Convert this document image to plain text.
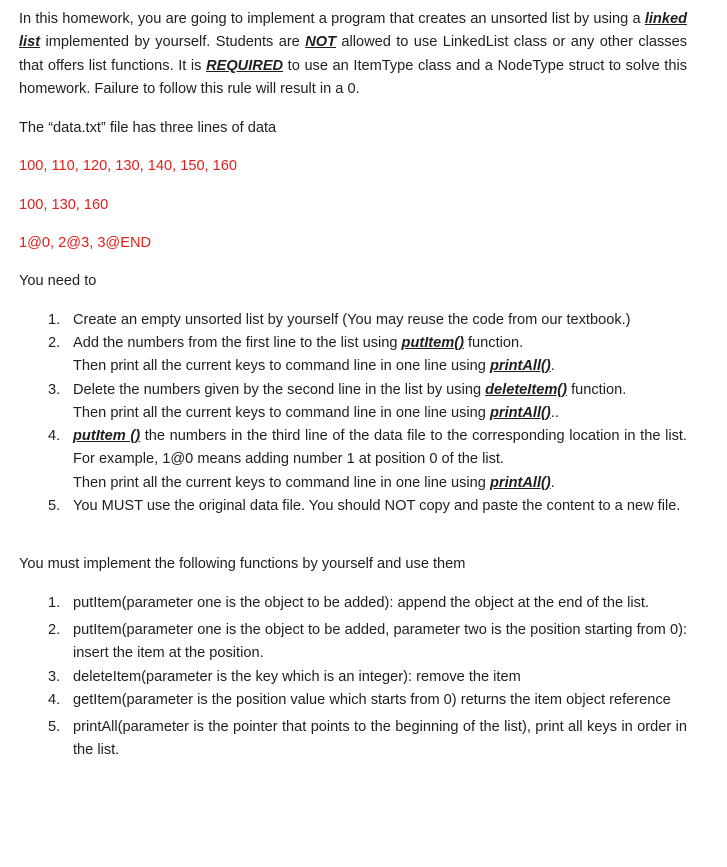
In this homework, you are going to implement a program that creates an unsorted list by using a linked list implemented by yourself. Students are NOT allowed to use LinkedList class or any other classes that offers list functions. It is REQUIRED to use an ItemType class and a NodeType struct to solve this homework. Failure to follow this rule will result in a 0.

The “data.txt” file has three lines of data

100, 110, 120, 130, 140, 150, 160

100, 130, 160

1@0, 2@3, 3@END

You need to

1. Create an empty unsorted list by yourself (You may reuse the code from our textbook.)
2. Add the numbers from the first line to the list using putItem() function.
Then print all the current keys to command line in one line using printAll().
3. Delete the numbers given by the second line in the list by using deleteItem() function.
Then print all the current keys to command line in one line using printAll()..
4. putItem () the numbers in the third line of the data file to the corresponding location in the list. For example, 1@0 means adding number 1 at position 0 of the list.
Then print all the current keys to command line in one line using printAll().
5. You MUST use the original data file. You should NOT copy and paste the content to a new file.

You must implement the following functions by yourself and use them

1. putItem(parameter one is the object to be added): append the object at the end of the list.
2. putItem(parameter one is the object to be added, parameter two is the position starting from 0): insert the item at the position.
3. deleteItem(parameter is the key which is an integer): remove the item
4. getItem(parameter is the position value which starts from 0) returns the item object reference
5. printAll(parameter is the pointer that points to the beginning of the list), print all keys in order in the list.
